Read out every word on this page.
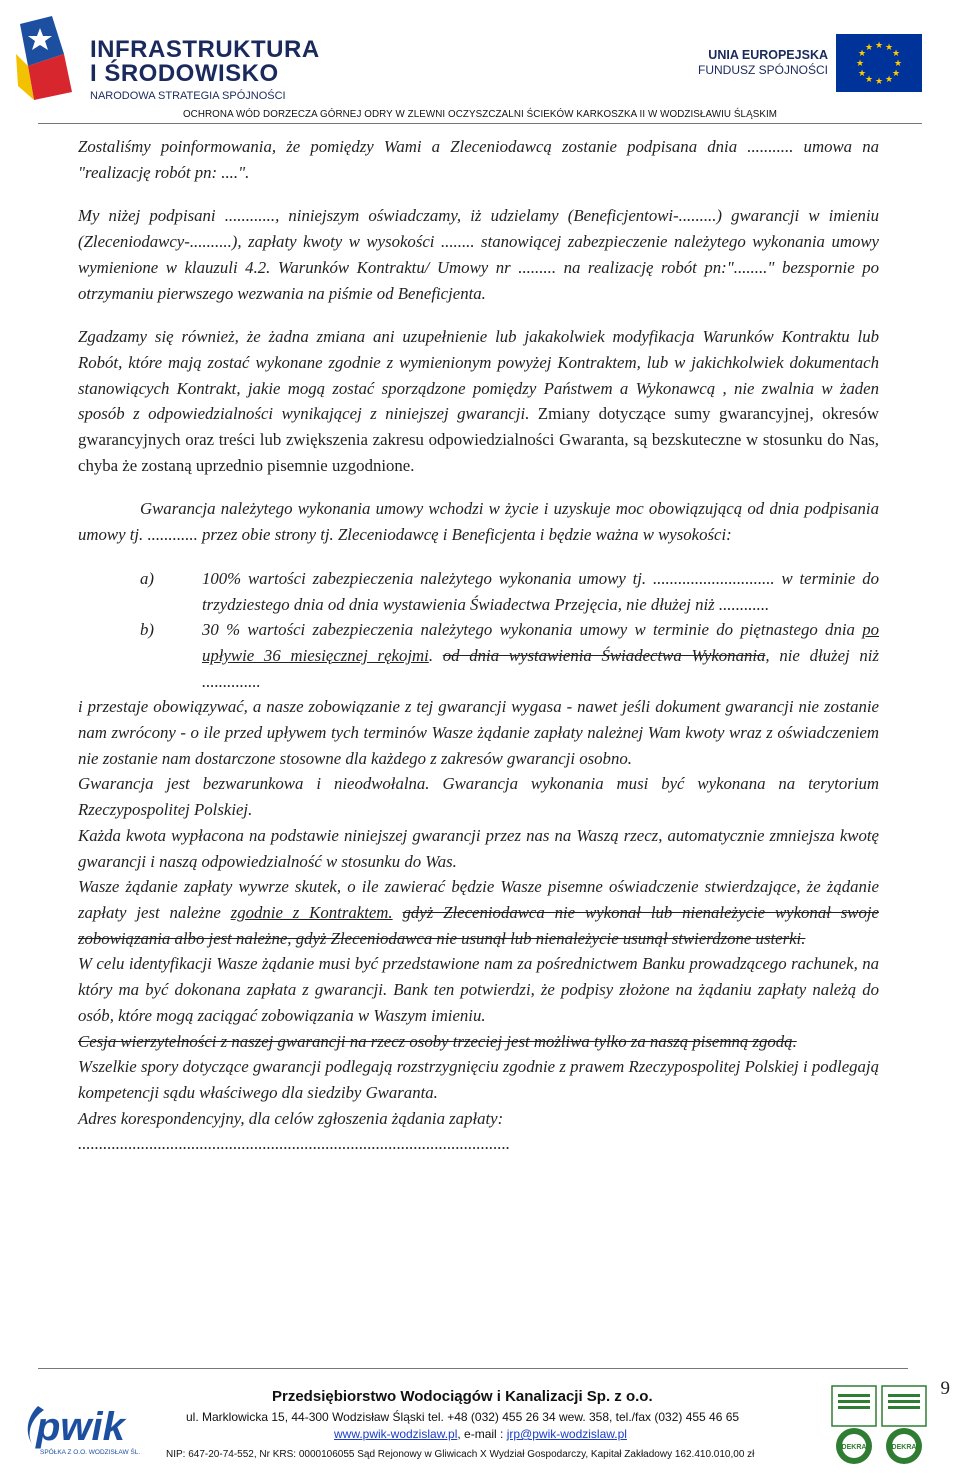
INFRASTRUKTURA
I ŚRODOWISKO
NARODOWA STRATEGIA SPÓJNOŚCI
UNIA EUROPEJSKA
FUNDUSZ SPÓJNOŚCI
★ ★
★
★
★
★
★
★
★
★
★
★
OCHRONA WÓD DORZECZA GÓRNEJ ODRY W ZLEWNI OCZYSZCZALNI ŚCIEKÓW KARKOSZKA II W WODZISŁAWIU ŚLĄSKIM

Zostaliśmy poinformowania, że pomiędzy Wami a Zleceniodawcą zostanie podpisana dnia ........... umowa na "realizację robót pn: ....".

My niżej podpisani ............, niniejszym oświadczamy, iż udzielamy (Beneficjentowi-.........) gwarancji w imieniu (Zleceniodawcy-..........), zapłaty kwoty w wysokości ........ stanowiącej zabezpieczenie należytego wykonania umowy wymienione w klauzuli 4.2. Warunków Kontraktu/ Umowy nr ......... na realizację robót pn:"........" bezspornie po otrzymaniu pierwszego wezwania na piśmie od Beneficjenta.

Zgadzamy się również, że żadna zmiana ani uzupełnienie lub jakakolwiek modyfikacja Warunków Kontraktu lub Robót, które mają zostać wykonane zgodnie z wymienionym powyżej Kontraktem, lub w jakichkolwiek dokumentach stanowiących Kontrakt, jakie mogą zostać sporządzone pomiędzy Państwem a Wykonawcą , nie zwalnia w żaden sposób z odpowiedzialności wynikającej z niniejszej gwarancji. Zmiany dotyczące sumy gwarancyjnej, okresów gwarancyjnych oraz treści lub zwiększenia zakresu odpowiedzialności Gwaranta, są bezskuteczne w stosunku do Nas, chyba że zostaną uprzednio pisemnie uzgodnione.

Gwarancja należytego wykonania umowy wchodzi w życie i uzyskuje moc obowiązującą od dnia podpisania umowy tj. ............ przez obie strony tj. Zleceniodawcę i Beneficjenta i będzie ważna w wysokości:

a)	100% wartości zabezpieczenia należytego wykonania umowy tj. ............................. w terminie do trzydziestego dnia od dnia wystawienia Świadectwa Przejęcia, nie dłużej niż ............
b)	30 % wartości zabezpieczenia należytego wykonania umowy w terminie do piętnastego dnia po upływie 36 miesięcznej rękojmi. od dnia wystawienia Świadectwa Wykonania, nie dłużej niż ..............

i przestaje obowiązywać, a nasze zobowiązanie z tej gwarancji wygasa - nawet jeśli dokument gwarancji nie zostanie nam zwrócony - o ile przed upływem tych terminów Wasze żądanie zapłaty należnej Wam kwoty wraz z oświadczeniem nie zostanie nam dostarczone stosowne dla każdego z zakresów gwarancji osobno.

Gwarancja jest bezwarunkowa i nieodwołalna. Gwarancja wykonania musi być wykonana na terytorium Rzeczypospolitej Polskiej.

Każda kwota wypłacona na podstawie niniejszej gwarancji przez nas na Waszą rzecz, automatycznie zmniejsza kwotę gwarancji i naszą odpowiedzialność w stosunku do Was.

Wasze żądanie zapłaty wywrze skutek, o ile zawierać będzie Wasze pisemne oświadczenie stwierdzające, że żądanie zapłaty jest należne zgodnie z Kontraktem. gdyż Zleceniodawca nie wykonał lub nienależycie wykonał swoje zobowiązania albo jest należne, gdyż Zleceniodawca nie usunął lub nienależycie usunął stwierdzone usterki.

W celu identyfikacji Wasze żądanie musi być przedstawione nam za pośrednictwem Banku prowadzącego rachunek, na który ma być dokonana zapłata z gwarancji. Bank ten potwierdzi, że podpisy złożone na żądaniu zapłaty należą do osób, które mogą zaciągać zobowiązania w Waszym imieniu.

Cesja wierzytelności z naszej gwarancji na rzecz osoby trzeciej jest możliwa tylko za naszą pisemną zgodą.

Wszelkie spory dotyczące gwarancji podlegają rozstrzygnięciu zgodnie z prawem Rzeczypospolitej Polskiej i podlegają kompetencji sądu właściwego dla siedziby Gwaranta.

Adres korespondencyjny, dla celów zgłoszenia żądania zapłaty:

.......................................................................................................

9
pwik
SPÓŁKA Z O.O. WODZISŁAW ŚL.
Przedsiębiorstwo Wodociągów i Kanalizacji Sp. z o.o.
ul. Marklowicka 15, 44-300 Wodzisław Śląski tel. +48 (032) 455 26 34 wew. 358, tel./fax (032) 455 46 65
www.pwik-wodzislaw.pl, e-mail : jrp@pwik-wodzislaw.pl
NIP: 647-20-74-552, Nr KRS: 0000106055 Sąd Rejonowy w Gliwicach X Wydział Gospodarczy, Kapitał Zakładowy 162.410.010,00 zł
DEKRA	DEKRA
